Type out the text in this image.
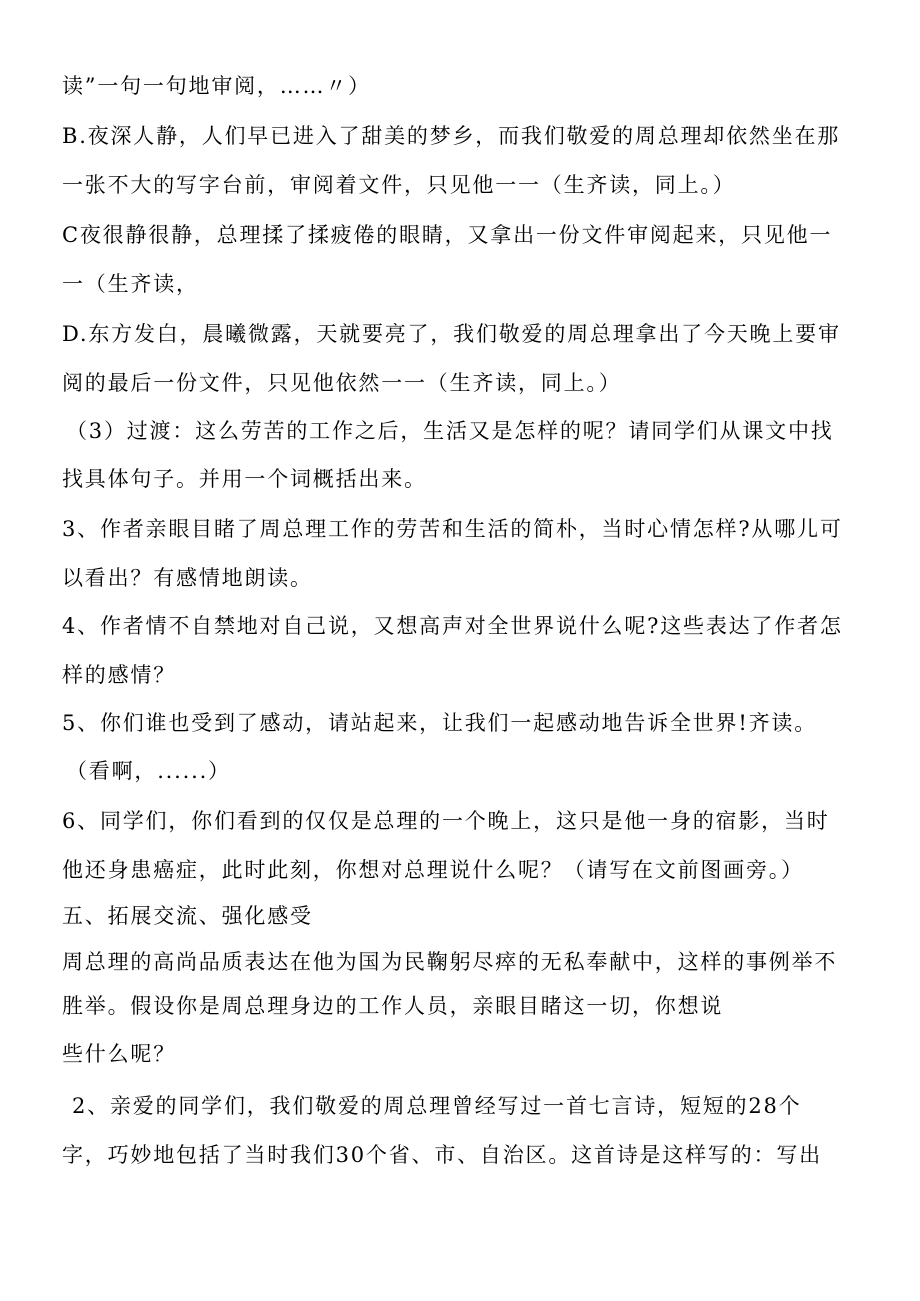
读”一句一句地审阅，……〃）
B.夜深人静，人们早已进入了甜美的梦乡，而我们敬爱的周总理却依然坐在那
一张不大的写字台前，审阅着文件，只见他一一（生齐读，同上。）
C夜很静很静，总理揉了揉疲倦的眼睛，又拿出一份文件审阅起来，只见他一
一（生齐读，
D.东方发白，晨曦微露，天就要亮了，我们敬爱的周总理拿出了今天晚上要审
阅的最后一份文件，只见他依然一一（生齐读，同上。）
（3）过渡：这么劳苦的工作之后，生活又是怎样的呢？请同学们从课文中找
找具体句子。并用一个词概括出来。
3、作者亲眼目睹了周总理工作的劳苦和生活的简朴，当时心情怎样?从哪儿可
以看出？有感情地朗读。
4、作者情不自禁地对自己说，又想高声对全世界说什么呢?这些表达了作者怎
样的感情？
5、你们谁也受到了感动，请站起来，让我们一起感动地告诉全世界!齐读。
（看啊，......）
6、同学们，你们看到的仅仅是总理的一个晚上，这只是他一身的宿影，当时
他还身患癌症，此时此刻，你想对总理说什么呢？（请写在文前图画旁。）
五、拓展交流、强化感受
周总理的高尚品质表达在他为国为民鞠躬尽瘁的无私奉献中，这样的事例举不
胜举。假设你是周总理身边的工作人员，亲眼目睹这一切，你想说
些什么呢？
2、亲爱的同学们，我们敬爱的周总理曾经写过一首七言诗，短短的28个
字，巧妙地包括了当时我们30个省、市、自治区。这首诗是这样写的：写出
